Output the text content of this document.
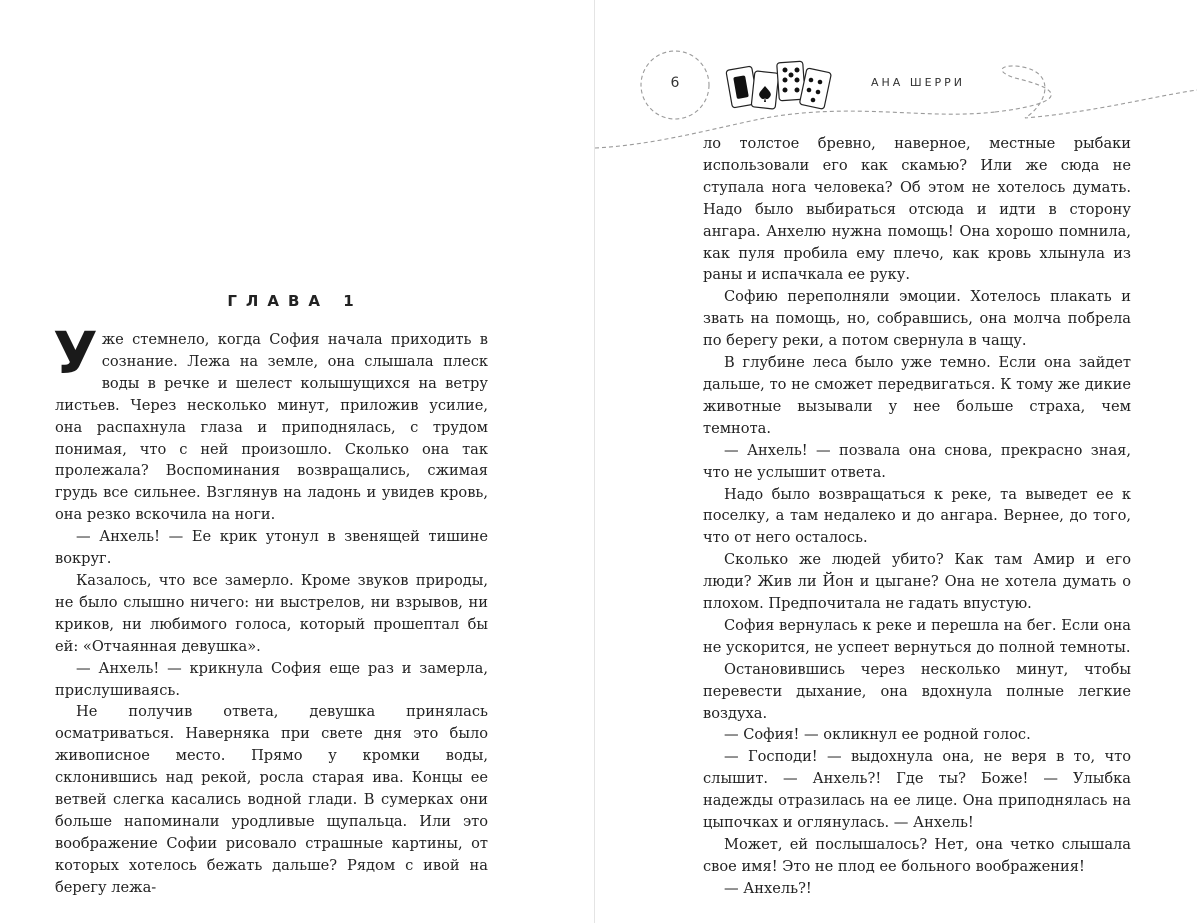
ГЛАВА 1

Уже стемнело, когда София начала приходить в сознание. Лежа на земле, она слышала плеск воды в речке и шелест колышущихся на ветру листьев. Через несколько минут, приложив усилие, она распахнула глаза и приподнялась, с трудом понимая, что с ней произошло. Сколько она так пролежала? Воспоминания возвращались, сжимая грудь все сильнее. Взглянув на ладонь и увидев кровь, она резко вскочила на ноги.

— Анхель! — Ее крик утонул в звенящей тишине вокруг.

Казалось, что все замерло. Кроме звуков природы, не было слышно ничего: ни выстрелов, ни взрывов, ни криков, ни любимого голоса, который прошептал бы ей: «Отчаянная девушка».

— Анхель! — крикнула София еще раз и замерла, прислушиваясь.

Не получив ответа, девушка принялась осматриваться. Наверняка при свете дня это было живописное место. Прямо у кромки воды, склонившись над рекой, росла старая ива. Концы ее ветвей слегка касались водной глади. В сумерках они больше напоминали уродливые щупальца. Или это воображение Софии рисовало страшные картины, от которых хотелось бежать дальше? Рядом с ивой на берегу лежа-

6	АНА ШЕРРИ

ло толстое бревно, наверное, местные рыбаки использовали его как скамью? Или же сюда не ступала нога человека? Об этом не хотелось думать. Надо было выбираться отсюда и идти в сторону ангара. Анхелю нужна помощь! Она хорошо помнила, как пуля пробила ему плечо, как кровь хлынула из раны и испачкала ее руку.

Софию переполняли эмоции. Хотелось плакать и звать на помощь, но, собравшись, она молча побрела по берегу реки, а потом свернула в чащу.

В глубине леса было уже темно. Если она зайдет дальше, то не сможет передвигаться. К тому же дикие животные вызывали у нее больше страха, чем темнота.

— Анхель! — позвала она снова, прекрасно зная, что не услышит ответа.

Надо было возвращаться к реке, та выведет ее к поселку, а там недалеко и до ангара. Вернее, до того, что от него осталось.

Сколько же людей убито? Как там Амир и его люди? Жив ли Йон и цыгане? Она не хотела думать о плохом. Предпочитала не гадать впустую.

София вернулась к реке и перешла на бег. Если она не ускорится, не успеет вернуться до полной темноты.

Остановившись через несколько минут, чтобы перевести дыхание, она вдохнула полные легкие воздуха.

— София! — окликнул ее родной голос.

— Господи! — выдохнула она, не веря в то, что слышит. — Анхель?! Где ты? Боже! — Улыбка надежды отразилась на ее лице. Она приподнялась на цыпочках и оглянулась. — Анхель!

Может, ей послышалось? Нет, она четко слышала свое имя! Это не плод ее больного воображения!

— Анхель?!
